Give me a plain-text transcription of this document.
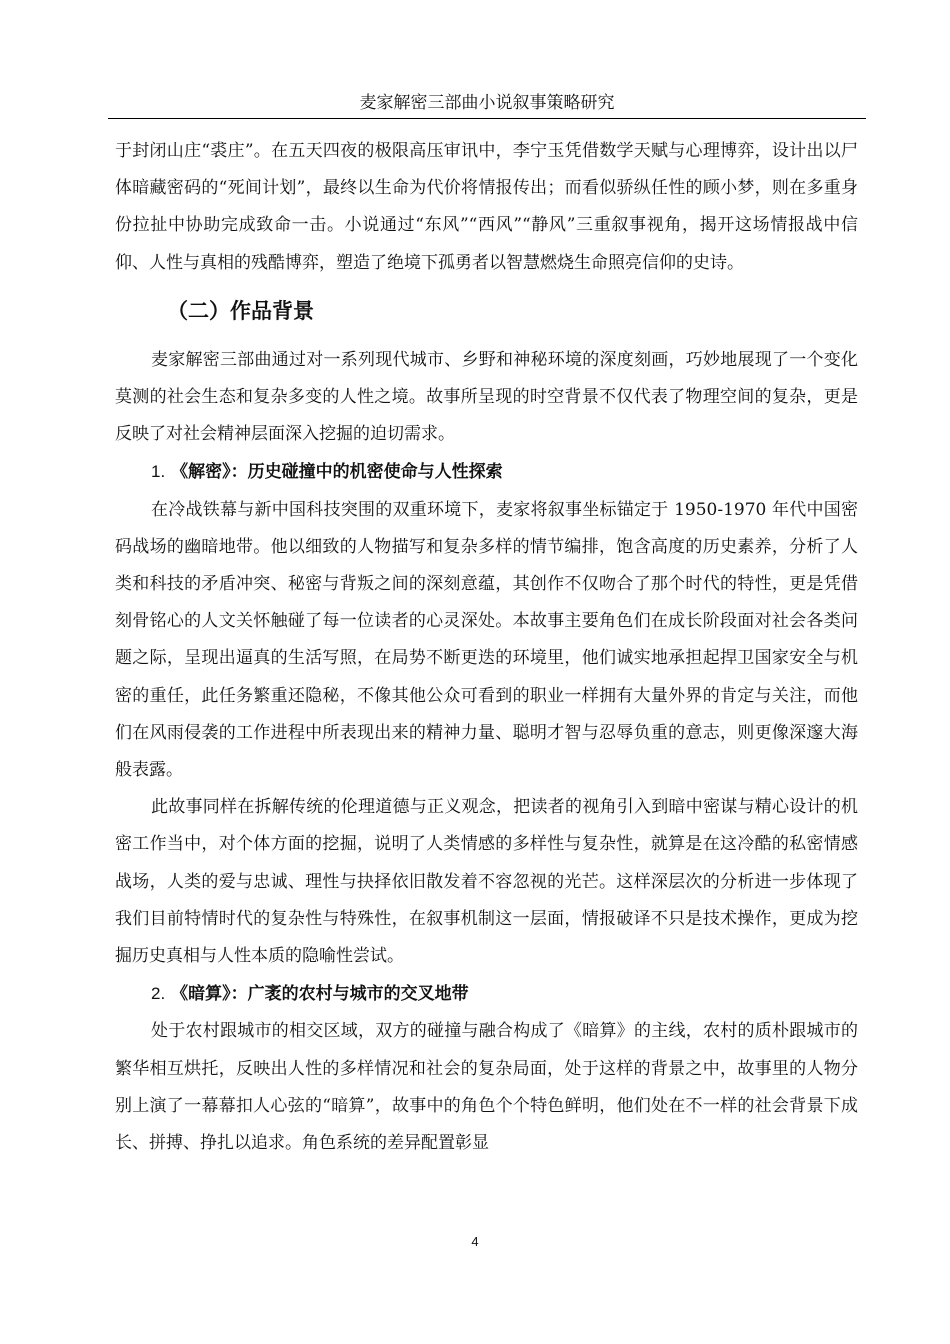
麦家解密三部曲小说叙事策略研究

于封闭山庄“裘庄”。在五天四夜的极限高压审讯中，李宁玉凭借数学天赋与心理博弈，设计出以尸体暗藏密码的“死间计划”，最终以生命为代价将情报传出；而看似骄纵任性的顾小梦，则在多重身份拉扯中协助完成致命一击。小说通过“东风”“西风”“静风”三重叙事视角，揭开这场情报战中信仰、人性与真相的残酷博弈，塑造了绝境下孤勇者以智慧燃烧生命照亮信仰的史诗。

（二）作品背景

麦家解密三部曲通过对一系列现代城市、乡野和神秘环境的深度刻画，巧妙地展现了一个变化莫测的社会生态和复杂多变的人性之境。故事所呈现的时空背景不仅代表了物理空间的复杂，更是反映了对社会精神层面深入挖掘的迫切需求。

1. 《解密》：历史碰撞中的机密使命与人性探索

在冷战铁幕与新中国科技突围的双重环境下，麦家将叙事坐标锚定于 1950-1970 年代中国密码战场的幽暗地带。他以细致的人物描写和复杂多样的情节编排，饱含高度的历史素养，分析了人类和科技的矛盾冲突、秘密与背叛之间的深刻意蕴，其创作不仅吻合了那个时代的特性，更是凭借刻骨铭心的人文关怀触碰了每一位读者的心灵深处。本故事主要角色们在成长阶段面对社会各类问题之际，呈现出逼真的生活写照，在局势不断更迭的环境里，他们诚实地承担起捍卫国家安全与机密的重任，此任务繁重还隐秘，不像其他公众可看到的职业一样拥有大量外界的肯定与关注，而他们在风雨侵袭的工作进程中所表现出来的精神力量、聪明才智与忍辱负重的意志，则更像深邃大海般表露。

此故事同样在拆解传统的伦理道德与正义观念，把读者的视角引入到暗中密谋与精心设计的机密工作当中，对个体方面的挖掘，说明了人类情感的多样性与复杂性，就算是在这冷酷的私密情感战场，人类的爱与忠诚、理性与抉择依旧散发着不容忽视的光芒。这样深层次的分析进一步体现了我们目前特情时代的复杂性与特殊性，在叙事机制这一层面，情报破译不只是技术操作，更成为挖掘历史真相与人性本质的隐喻性尝试。

2. 《暗算》：广袤的农村与城市的交叉地带

处于农村跟城市的相交区域，双方的碰撞与融合构成了《暗算》的主线，农村的质朴跟城市的繁华相互烘托，反映出人性的多样情况和社会的复杂局面，处于这样的背景之中，故事里的人物分别上演了一幕幕扣人心弦的“暗算”，故事中的角色个个特色鲜明，他们处在不一样的社会背景下成长、拼搏、挣扎以追求。角色系统的差异配置彰显

4
